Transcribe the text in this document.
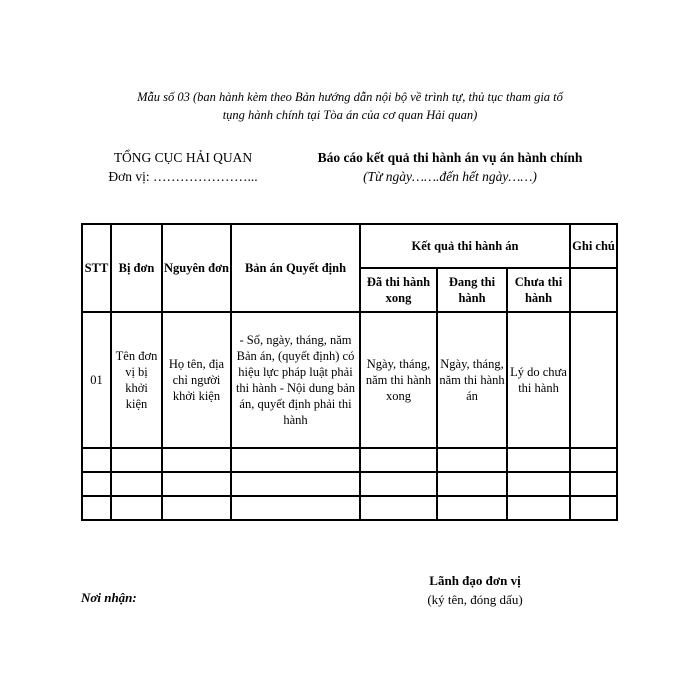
Mẫu số 03 (ban hành kèm theo Bản hướng dẫn nội bộ về trình tự, thủ tục tham gia tố
tụng hành chính tại Tòa án của cơ quan Hải quan)
TỔNG CỤC HẢI QUAN
Đơn vị: …………………...
Báo cáo kết quả thi hành án vụ án hành chính
(Từ ngày…….đến hết ngày……)
STT	Bị đơn	Nguyên đơn	Bản án Quyết định	Kết quả thi hành án			Ghi chú
				Đã thi hành xong	Đang thi hành	Chưa thi hành	
01	Tên đơn vị bị khởi kiện	Họ tên, địa chỉ người khởi kiện	- Số, ngày, tháng, năm Bản án, (quyết định) có hiệu lực pháp luật phải thi hành - Nội dung bản án, quyết định phải thi hành	Ngày, tháng, năm thi hành xong	Ngày, tháng, năm thi hành án	Lý do chưa thi hành	

Nơi nhận:
Lãnh đạo đơn vị
(ký tên, đóng dấu)
